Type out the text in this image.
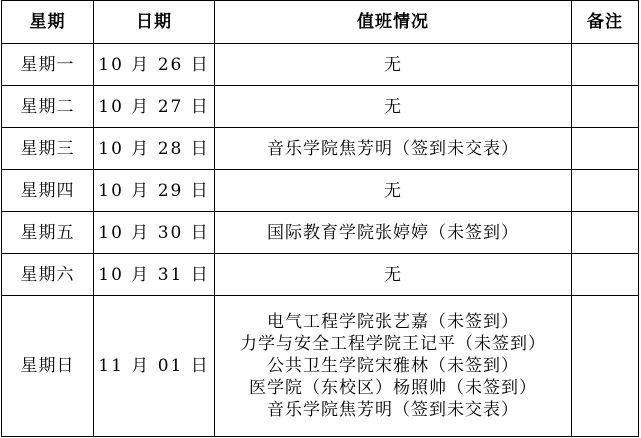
星期	日期	值班情况	备注
星期一	10 月 26 日	无	

星期二	10 月 27 日	无	

星期三	10 月 28 日	音乐学院焦芳明（签到未交表）	

星期四	10 月 29 日	无	

星期五	10 月 30 日	国际教育学院张婷婷（未签到）	

星期六	10 月 31 日	无	

星期日	11 月 01 日	电气工程学院张艺嘉（未签到）
力学与安全工程学院王记平（未签到）
公共卫生学院宋雅林（未签到）
医学院（东校区）杨照帅（未签到）
音乐学院焦芳明（签到未交表）	
